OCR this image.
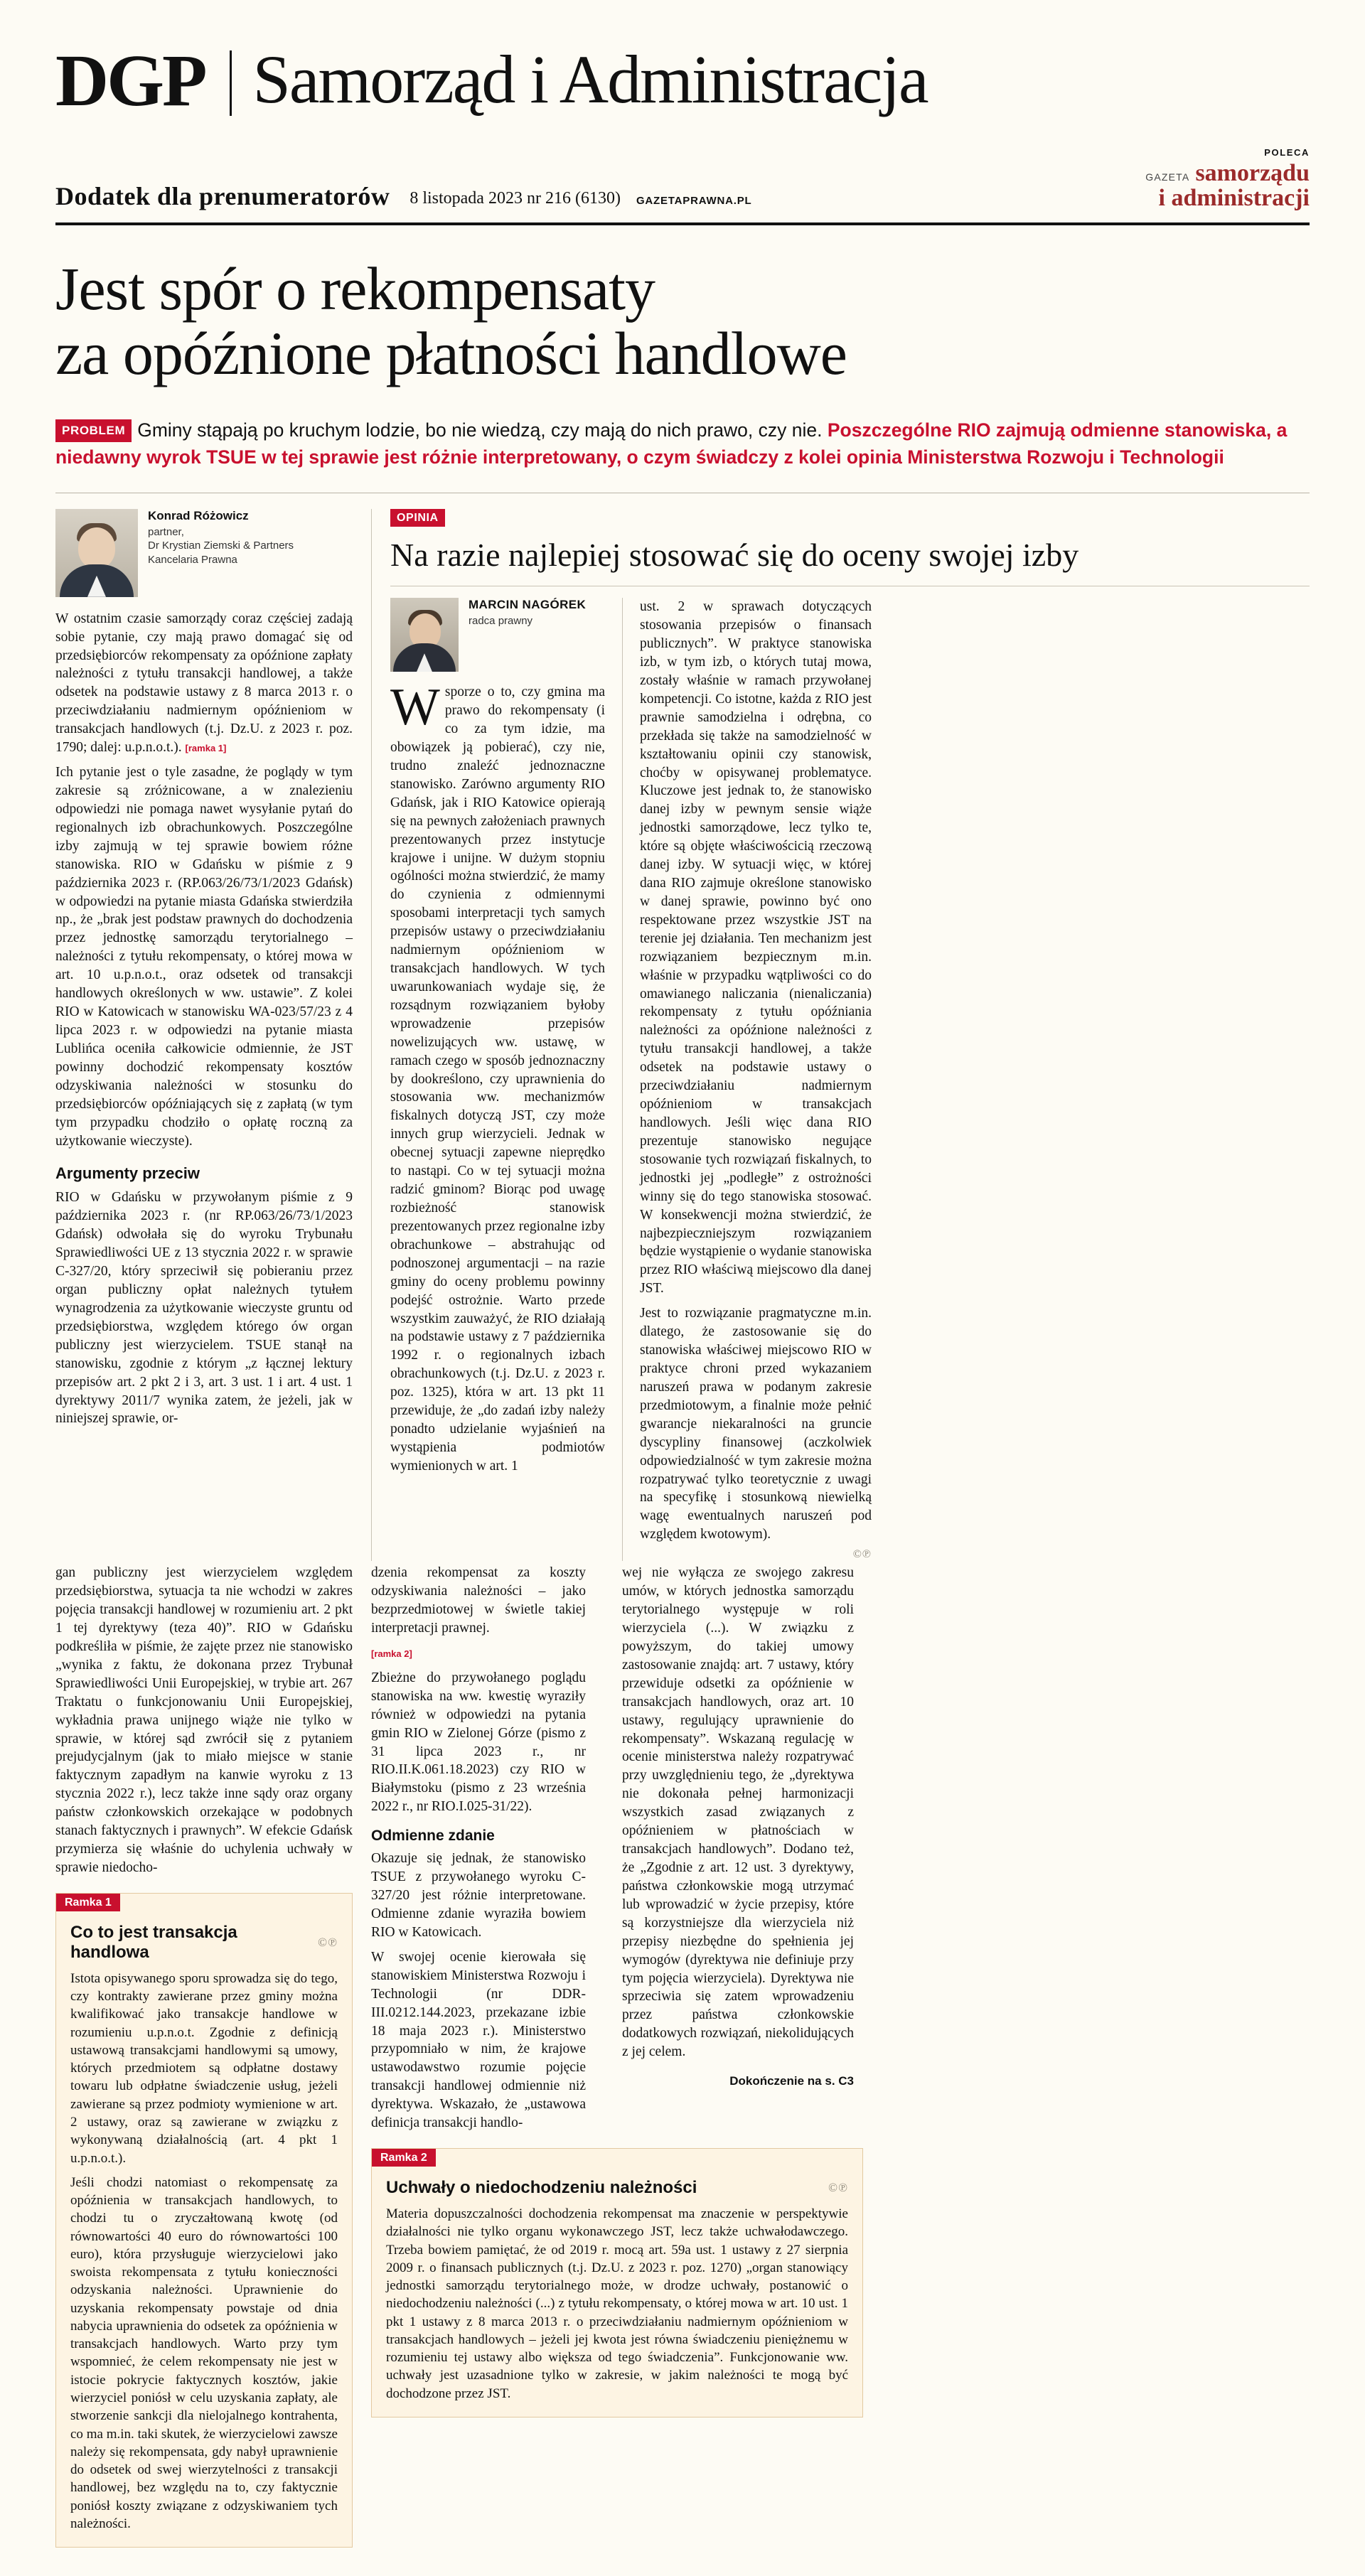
DGP Samorząd i Administracja
Dodatek dla prenumeratorów 8 listopada 2023 nr 216 (6130) GAZETAPRAWNA.PL
POLECA
GAZETA samorządu
i administracji
Jest spór o rekompensaty
za opóźnione płatności handlowe
PROBLEM Gminy stąpają po kruchym lodzie, bo nie wiedzą, czy mają do nich prawo, czy nie. Poszczególne RIO zajmują odmienne stanowiska, a niedawny wyrok TSUE w tej sprawie jest różnie interpretowany, o czym świadczy z kolei opinia Ministerstwa Rozwoju i Technologii
Konrad Różowicz
partner,
Dr Krystian Ziemski & Partners
Kancelaria Prawna

W ostatnim czasie samorządy coraz częściej zadają sobie pytanie, czy mają prawo domagać się od przedsiębiorców rekompensaty za opóźnione zapłaty należności z tytułu transakcji handlowej, a także odsetek na podstawie ustawy z 8 marca 2013 r. o przeciwdziałaniu nadmiernym opóźnieniom w transakcjach handlowych (t.j. Dz.U. z 2023 r. poz. 1790; dalej: u.p.n.o.t.). [ramka 1]

Ich pytanie jest o tyle zasadne, że poglądy w tym zakresie są zróżnicowane, a w znalezieniu odpowiedzi nie pomaga nawet wysyłanie pytań do regionalnych izb obrachunkowych. Poszczególne izby zajmują w tej sprawie bowiem różne stanowiska. RIO w Gdańsku w piśmie z 9 października 2023 r. (RP.063/26/73/1/2023 Gdańsk) w odpowiedzi na pytanie miasta Gdańska stwierdziła np., że „brak jest podstaw prawnych do dochodzenia przez jednostkę samorządu terytorialnego – należności z tytułu rekompensaty, o której mowa w art. 10 u.p.n.o.t., oraz odsetek od transakcji handlowych określonych w ww. ustawie”. Z kolei RIO w Katowicach w stanowisku WA-023/57/23 z 4 lipca 2023 r. w odpowiedzi na pytanie miasta Lublińca oceniła całkowicie odmiennie, że JST powinny dochodzić rekompensaty kosztów odzyskiwania należności w stosunku do przedsiębiorców opóźniających się z zapłatą (w tym tym przypadku chodziło o opłatę roczną za użytkowanie wieczyste).

Argumenty przeciw

RIO w Gdańsku w przywołanym piśmie z 9 października 2023 r. (nr RP.063/26/73/1/2023 Gdańsk) odwołała się do wyroku Trybunału Sprawiedliwości UE z 13 stycznia 2022 r. w sprawie C-327/20, który sprzeciwił się pobieraniu przez organ publiczny opłat należnych tytułem wynagrodzenia za użytkowanie wieczyste gruntu od przedsiębiorstwa, względem którego ów organ publiczny jest wierzycielem. TSUE stanął na stanowisku, zgodnie z którym „z łącznej lektury przepisów art. 2 pkt 2 i 3, art. 3 ust. 1 i art. 4 ust. 1 dyrektywy 2011/7 wynika zatem, że jeżeli, jak w niniejszej sprawie, or-

OPINIA
Na razie najlepiej stosować się do oceny swojej izby
MARCIN NAGÓREK
radca prawny

Wsporze o to, czy gmina ma prawo do rekompensaty (i co za tym idzie, ma obowiązek ją pobierać), czy nie, trudno znaleźć jednoznaczne stanowisko. Zarówno argumenty RIO Gdańsk, jak i RIO Katowice opierają się na pewnych założeniach prawnych prezentowanych przez instytucje krajowe i unijne. W dużym stopniu ogólności można stwierdzić, że mamy do czynienia z odmiennymi sposobami interpretacji tych samych przepisów ustawy o przeciwdziałaniu nadmiernym opóźnieniom w transakcjach handlowych. W tych uwarunkowaniach wydaje się, że rozsądnym rozwiązaniem byłoby wprowadzenie przepisów nowelizujących ww. ustawę, w ramach czego w sposób jednoznaczny by dookreślono, czy uprawnienia do stosowania ww. mechanizmów fiskalnych dotyczą JST, czy może innych grup wierzycieli. Jednak w obecnej sytuacji zapewne nieprędko to nastąpi. Co w tej sytuacji można radzić gminom? Biorąc pod uwagę rozbieżność stanowisk prezentowanych przez regionalne izby obrachunkowe – abstrahując od podnoszonej argumentacji – na razie gminy do oceny problemu powinny podejść ostrożnie. Warto przede wszystkim zauważyć, że RIO działają na podstawie ustawy z 7 października 1992 r. o regionalnych izbach obrachunkowych (t.j. Dz.U. z 2023 r. poz. 1325), która w art. 13 pkt 11 przewiduje, że „do zadań izby należy ponadto udzielanie wyjaśnień na wystąpienia podmiotów wymienionych w art. 1

ust. 2 w sprawach dotyczących stosowania przepisów o finansach publicznych”. W praktyce stanowiska izb, w tym izb, o których tutaj mowa, zostały właśnie w ramach przywołanej kompetencji. Co istotne, każda z RIO jest prawnie samodzielna i odrębna, co przekłada się także na samodzielność w kształtowaniu opinii czy stanowisk, choćby w opisywanej problematyce. Kluczowe jest jednak to, że stanowisko danej izby w pewnym sensie wiąże jednostki samorządowe, lecz tylko te, które są objęte właściwościcią rzeczową danej izby. W sytuacji więc, w której dana RIO zajmuje określone stanowisko w danej sprawie, powinno być ono respektowane przez wszystkie JST na terenie jej działania. Ten mechanizm jest rozwiązaniem bezpiecznym m.in. właśnie w przypadku wątpliwości co do omawianego naliczania (nienaliczania) rekompensaty z tytułu opóźniania należności za opóźnione należności z tytułu transakcji handlowej, a także odsetek na podstawie ustawy o przeciwdziałaniu nadmiernym opóźnieniom w transakcjach handlowych. Jeśli więc dana RIO prezentuje stanowisko negujące stosowanie tych rozwiązań fiskalnych, to jednostki jej „podległe” z ostrożności winny się do tego stanowiska stosować. W konsekwencji można stwierdzić, że najbezpieczniejszym rozwiązaniem będzie wystąpienie o wydanie stanowiska przez RIO właściwą miejscowo dla danej JST.

Jest to rozwiązanie pragmatyczne m.in. dlatego, że zastosowanie się do stanowiska właściwej miejscowo RIO w praktyce chroni przed wykazaniem naruszeń prawa w podanym zakresie przedmiotowym, a finalnie może pełnić gwarancje niekaralności na gruncie dyscypliny finansowej (aczkolwiek odpowiedzialność w tym zakresie można rozpatrywać tylko teoretycznie z uwagi na specyfikę i stosunkową niewielką wagę ewentualnych naruszeń pod względem kwotowym).

©℗

gan publiczny jest wierzycielem względem przedsiębiorstwa, sytuacja ta nie wchodzi w zakres pojęcia transakcji handlowej w rozumieniu art. 2 pkt 1 tej dyrektywy (teza 40)”. RIO w Gdańsku podkreśliła w piśmie, że zajęte przez nie stanowisko „wynika z faktu, że dokonana przez Trybunał Sprawiedliwości Unii Europejskiej, w trybie art. 267 Traktatu o funkcjonowaniu Unii Europejskiej, wykładnia prawa unijnego wiąże nie tylko w sprawie, w której sąd zwrócił się z pytaniem prejudycjalnym (jak to miało miejsce w stanie faktycznym zapadłym na kanwie wyroku z 13 stycznia 2022 r.), lecz także inne sądy oraz organy państw członkowskich orzekające w podobnych stanach faktycznych i prawnych”. W efekcie Gdańsk przymierza się właśnie do uchylenia uchwały w sprawie niedocho-

Ramka 1
Co to jest transakcja handlowa
©℗

Istota opisywanego sporu sprowadza się do tego, czy kontrakty zawierane przez gminy można kwalifikować jako transakcje handlowe w rozumieniu u.p.n.o.t. Zgodnie z definicją ustawową transakcjami handlowymi są umowy, których przedmiotem są odpłatne dostawy towaru lub odpłatne świadczenie usług, jeżeli zawierane są przez podmioty wymienione w art. 2 ustawy, oraz są zawierane w związku z wykonywaną działalnością (art. 4 pkt 1 u.p.n.o.t.).

Jeśli chodzi natomiast o rekompensatę za opóźnienia w transakcjach handlowych, to chodzi tu o zryczałtowaną kwotę (od równowartości 40 euro do równowartości 100 euro), która przysługuje wierzycielowi jako swoista rekompensata z tytułu konieczności odzyskania należności. Uprawnienie do uzyskania rekompensaty powstaje od dnia nabycia uprawnienia do odsetek za opóźnienia w transakcjach handlowych. Warto przy tym wspomnieć, że celem rekompensaty nie jest w istocie pokrycie faktycznych kosztów, jakie wierzyciel poniósł w celu uzyskania zapłaty, ale stworzenie sankcji dla nielojalnego kontrahenta, co ma m.in. taki skutek, że wierzycielowi zawsze należy się rekompensata, gdy nabył uprawnienie do odsetek od swej wierzytelności z transakcji handlowej, bez względu na to, czy faktycznie poniósł koszty związane z odzyskiwaniem tych należności.

dzenia rekompensat za koszty odzyskiwania należności – jako bezprzedmiotowej w świetle takiej interpretacji prawnej.

[ramka 2]

Zbieżne do przywołanego poglądu stanowiska na ww. kwestię wyraziły również w odpowiedzi na pytania gmin RIO w Zielonej Górze (pismo z 31 lipca 2023 r., nr RIO.II.K.061.18.2023) czy RIO w Białymstoku (pismo z 23 września 2022 r., nr RIO.I.025-31/22).

Odmienne zdanie

Okazuje się jednak, że stanowisko TSUE z przywołanego wyroku C-327/20 jest różnie interpretowane. Odmienne zdanie wyraziła bowiem RIO w Katowicach.

W swojej ocenie kierowała się stanowiskiem Ministerstwa Rozwoju i Technologii (nr DDR-III.0212.144.2023, przekazane izbie 18 maja 2023 r.). Ministerstwo przypomniało w nim, że krajowe ustawodawstwo rozumie pojęcie transakcji handlowej odmiennie niż dyrektywa. Wskazało, że „ustawowa definicja transakcji handlo-

Ramka 2
Uchwały o niedochodzeniu należności	©℗

Materia dopuszczalności dochodzenia rekompensat ma znaczenie w perspektywie działalności nie tylko organu wykonawczego JST, lecz także uchwałodawczego. Trzeba bowiem pamiętać, że od 2019 r. mocą art. 59a ust. 1 ustawy z 27 sierpnia 2009 r. o finansach publicznych (t.j. Dz.U. z 2023 r. poz. 1270) „organ stanowiący jednostki samorządu terytorialnego może, w drodze uchwały, postanowić o niedochodzeniu należności (...) z tytułu rekompensaty, o której mowa w art. 10 ust. 1 pkt 1 ustawy z 8 marca 2013 r. o przeciwdziałaniu nadmiernym opóźnieniom w transakcjach handlowych – jeżeli jej kwota jest równa świadczeniu pieniężnemu w rozumieniu tej ustawy albo większa od tego świadczenia”. Funkcjonowanie ww. uchwały jest uzasadnione tylko w zakresie, w jakim należności te mogą być dochodzone przez JST.

wej nie wyłącza ze swojego zakresu umów, w których jednostka samorządu terytorialnego występuje w roli wierzyciela (...). W związku z powyższym, do takiej umowy zastosowanie znajdą: art. 7 ustawy, który przewiduje odsetki za opóźnienie w transakcjach handlowych, oraz art. 10 ustawy, regulujący uprawnienie do rekompensaty”. Wskazaną regulację w ocenie ministerstwa należy rozpatrywać przy uwzględnieniu tego, że „dyrektywa nie dokonała pełnej harmonizacji wszystkich zasad związanych z opóźnieniem w płatnościach w transakcjach handlowych”. Dodano też, że „Zgodnie z art. 12 ust. 3 dyrektywy, państwa członkowskie mogą utrzymać lub wprowadzić w życie przepisy, które są korzystniejsze dla wierzyciela niż przepisy niezbędne do spełnienia jej wymogów (dyrektywa nie definiuje przy tym pojęcia wierzyciela). Dyrektywa nie sprzeciwia się zatem wprowadzeniu przez państwa członkowskie dodatkowych rozwiązań, niekolidujących z jej celem.

Dokończenie na s. C3
